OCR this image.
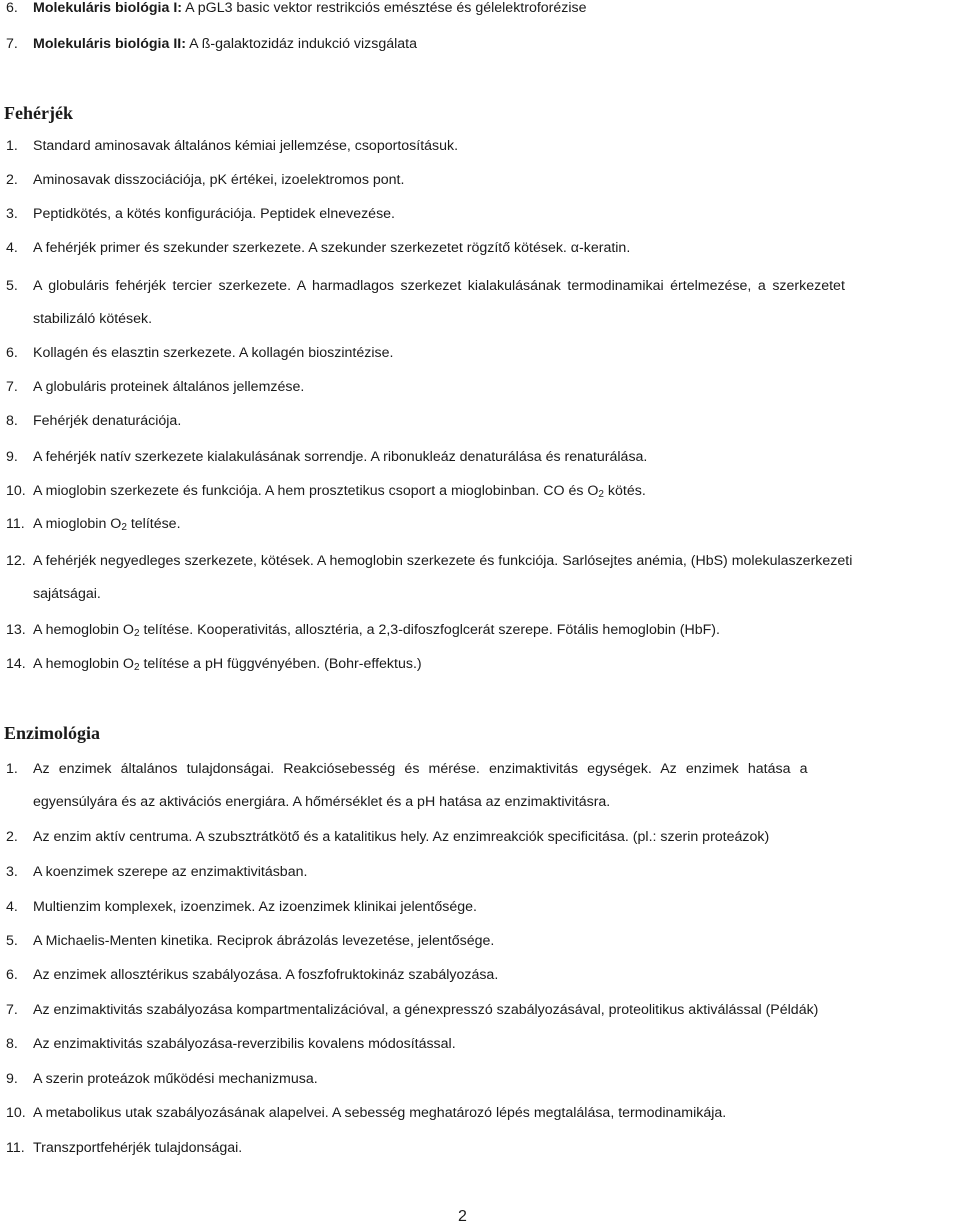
6. Molekuláris biológia I: A pGL3 basic vektor restrikciós emésztése és gélelektroforézise
7. Molekuláris biológia II: A ß-galaktozidáz indukció vizsgálata
Fehérjék
1. Standard aminosavak általános kémiai jellemzése, csoportosításuk.
2. Aminosavak disszociációja, pK értékei, izoelektromos pont.
3. Peptidkötés, a kötés konfigurációja. Peptidek elnevezése.
4. A fehérjék primer és szekunder szerkezete. A szekunder szerkezetet rögzítő kötések. α-keratin.
5. A globuláris fehérjék tercier szerkezete. A harmadlagos szerkezet kialakulásának termodinamikai értelmezése, a szerkezetet
stabilizáló kötések.
6. Kollagén és elasztin szerkezete. A kollagén bioszintézise.
7. A globuláris proteinek általános jellemzése.
8. Fehérjék denaturációja.
9. A fehérjék natív szerkezete kialakulásának sorrendje. A ribonukleáz denaturálása és renaturálása.
10. A mioglobin szerkezete és funkciója. A hem prosztetikus csoport a mioglobinban. CO és $O_2$ kötés.
11. A mioglobin $O_2$ telítése.
12. A fehérjék negyedleges szerkezete, kötések. A hemoglobin szerkezete és funkciója. Sarlósejtes anémia, (HbS) molekulaszerkezeti
sajátságai.
13. A hemoglobin $O_2$ telítése. Kooperativitás, allosztéria, a 2,3-difoszfoglcerát szerepe. Fötális hemoglobin (HbF).
14. A hemoglobin $O_2$ telítése a pH függvényében. (Bohr-effektus.)
Enzimológia
1. Az enzimek általános tulajdonságai. Reakciósebesség és mérése. enzimaktivitás egységek. Az enzimek hatása a
egyensúlyára és az aktivációs energiára. A hőmérséklet és a pH hatása az enzimaktivitásra.
2. Az enzim aktív centruma. A szubsztrátkötő és a katalitikus hely. Az enzimreakciók specificitása. (pl.: szerin proteázok)
3. A koenzimek szerepe az enzimaktivitásban.
4. Multienzim komplexek, izoenzimek. Az izoenzimek klinikai jelentősége.
5. A Michaelis-Menten kinetika. Reciprok ábrázolás levezetése, jelentősége.
6. Az enzimek allosztérikus szabályozása. A foszfofruktokináz szabályozása.
7. Az enzimaktivitás szabályozása kompartmentalizációval, a génexpresszó szabályozásával, proteolitikus aktiválással (Példák)
8. Az enzimaktivitás szabályozása-reverzibilis kovalens módosítással.
9. A szerin proteázok működési mechanizmusa.
10. A metabolikus utak szabályozásának alapelvei. A sebesség meghatározó lépés megtalálása, termodinamikája.
11. Transzportfehérjék tulajdonságai.
2
